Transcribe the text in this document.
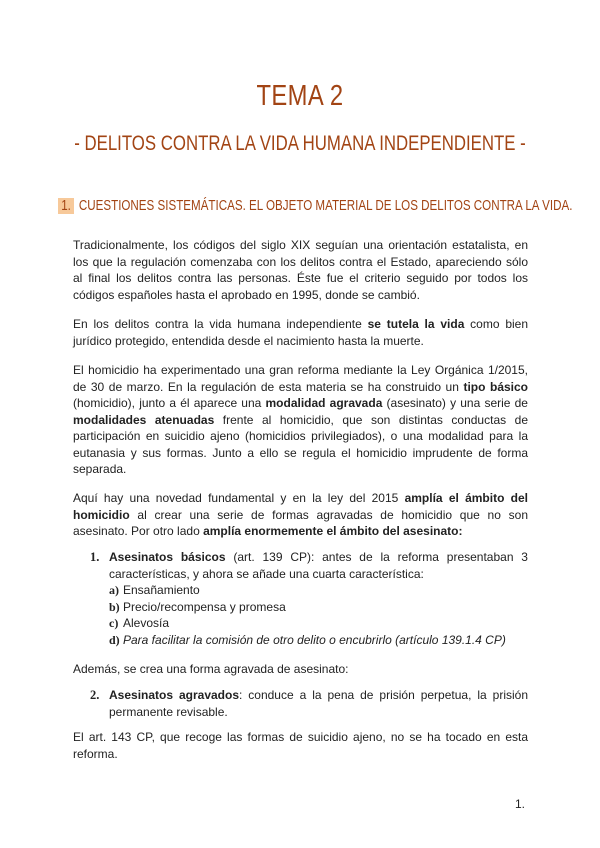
TEMA 2
- DELITOS CONTRA LA VIDA HUMANA INDEPENDIENTE -
1. CUESTIONES SISTEMÁTICAS. EL OBJETO MATERIAL DE LOS DELITOS CONTRA LA VIDA.
Tradicionalmente, los códigos del siglo XIX seguían una orientación estatalista, en los que la regulación comenzaba con los delitos contra el Estado, apareciendo sólo al final los delitos contra las personas. Éste fue el criterio seguido por todos los códigos españoles hasta el aprobado en 1995, donde se cambió.
En los delitos contra la vida humana independiente se tutela la vida como bien jurídico protegido, entendida desde el nacimiento hasta la muerte.
El homicidio ha experimentado una gran reforma mediante la Ley Orgánica 1/2015, de 30 de marzo. En la regulación de esta materia se ha construido un tipo básico (homicidio), junto a él aparece una modalidad agravada (asesinato) y una serie de modalidades atenuadas frente al homicidio, que son distintas conductas de participación en suicidio ajeno (homicidios privilegiados), o una modalidad para la eutanasia y sus formas. Junto a ello se regula el homicidio imprudente de forma separada.
Aquí hay una novedad fundamental y en la ley del 2015 amplía el ámbito del homicidio al crear una serie de formas agravadas de homicidio que no son asesinato. Por otro lado amplía enormemente el ámbito del asesinato:
1. Asesinatos básicos (art. 139 CP): antes de la reforma presentaban 3 características, y ahora se añade una cuarta característica:
a) Ensañamiento
b) Precio/recompensa y promesa
c) Alevosía
d) Para facilitar la comisión de otro delito o encubrirlo (artículo 139.1.4 CP)
Además, se crea una forma agravada de asesinato:
2. Asesinatos agravados: conduce a la pena de prisión perpetua, la prisión permanente revisable.
El art. 143 CP, que recoge las formas de suicidio ajeno, no se ha tocado en esta reforma.
1.
